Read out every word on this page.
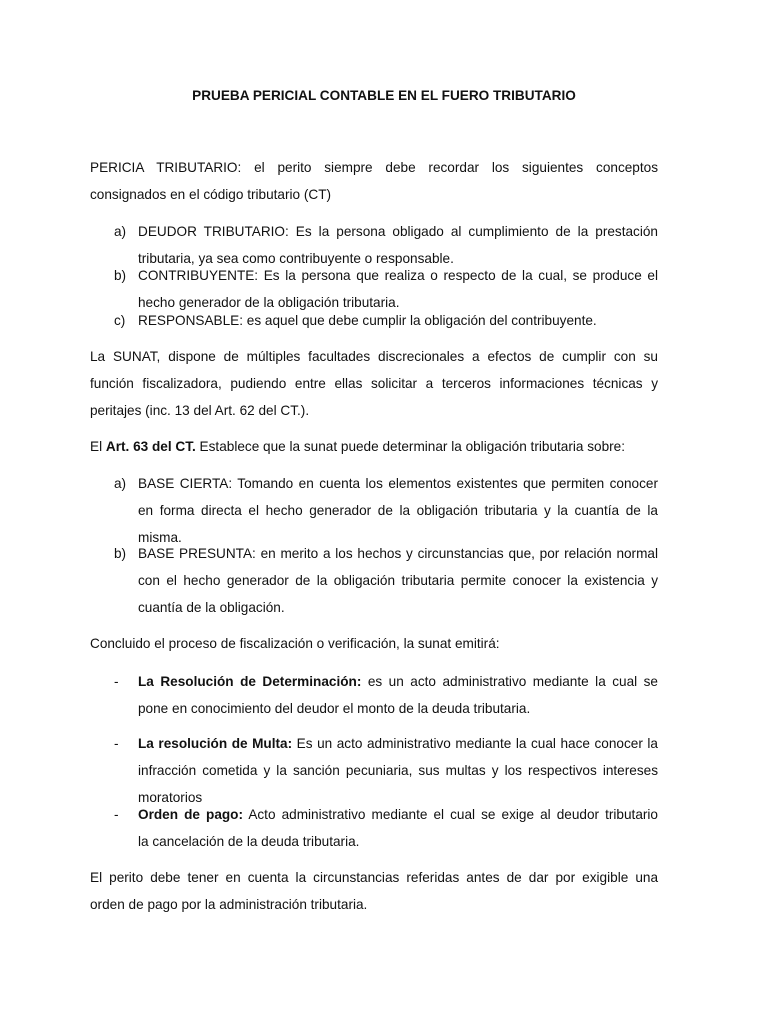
PRUEBA PERICIAL CONTABLE EN EL FUERO TRIBUTARIO
PERICIA TRIBUTARIO: el perito siempre debe recordar los siguientes conceptos
consignados en el código tributario (CT)
a) DEUDOR TRIBUTARIO: Es la persona obligado al cumplimiento de la prestación
tributaria, ya sea como contribuyente o responsable.
b) CONTRIBUYENTE: Es la persona que realiza o respecto de la cual, se produce el
hecho generador de la obligación tributaria.
c) RESPONSABLE: es aquel que debe cumplir la obligación del contribuyente.
La SUNAT, dispone de múltiples facultades discrecionales a efectos de cumplir con su
función fiscalizadora, pudiendo entre ellas solicitar a terceros informaciones técnicas y
peritajes (inc. 13 del Art. 62 del CT.).
El Art. 63 del CT. Establece que la sunat puede determinar la obligación tributaria sobre:
a) BASE CIERTA: Tomando en cuenta los elementos existentes que permiten conocer
en forma directa el hecho generador de la obligación tributaria y la cuantía de la
misma.
b) BASE PRESUNTA: en merito a los hechos y circunstancias que, por relación normal
con el hecho generador de la obligación tributaria permite conocer la existencia y
cuantía de la obligación.
Concluido el proceso de fiscalización o verificación, la sunat emitirá:
-	La Resolución de Determinación: es un acto administrativo mediante la cual se
pone en conocimiento del deudor el monto de la deuda tributaria.
-	La resolución de Multa: Es un acto administrativo mediante la cual hace conocer la
infracción cometida y la sanción pecuniaria, sus multas y los respectivos intereses
moratorios
-	Orden de pago: Acto administrativo mediante el cual se exige al deudor tributario
la cancelación de la deuda tributaria.
El perito debe tener en cuenta la circunstancias referidas antes de dar por exigible una
orden de pago por la administración tributaria.
